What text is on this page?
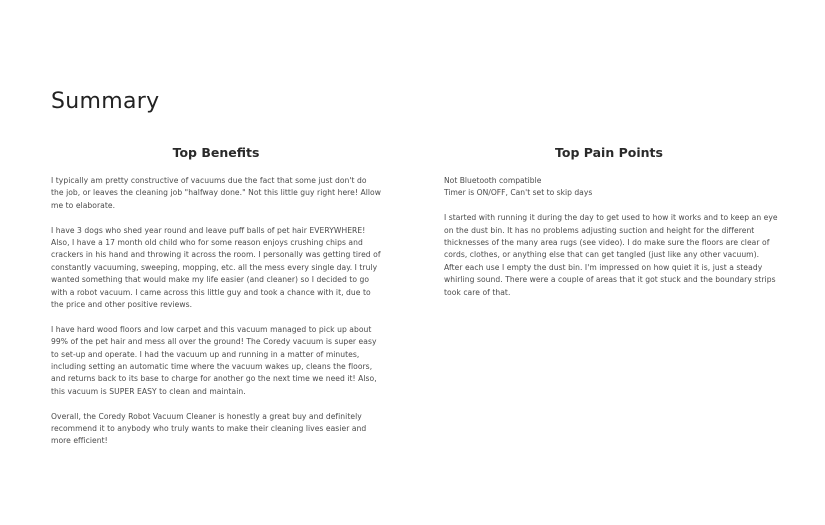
Summary
Top Benefits

I typically am pretty constructive of vacuums due the fact that some just don't do the job, or leaves the cleaning job "halfway done." Not this little guy right here! Allow me to elaborate.

I have 3 dogs who shed year round and leave puff balls of pet hair EVERYWHERE! Also, I have a 17 month old child who for some reason enjoys crushing chips and crackers in his hand and throwing it across the room. I personally was getting tired of constantly vacuuming, sweeping, mopping, etc. all the mess every single day. I truly wanted something that would make my life easier (and cleaner) so I decided to go with a robot vacuum. I came across this little guy and took a chance with it, due to the price and other positive reviews.

I have hard wood floors and low carpet and this vacuum managed to pick up about 99% of the pet hair and mess all over the ground! The Coredy vacuum is super easy to set-up and operate. I had the vacuum up and running in a matter of minutes, including setting an automatic time where the vacuum wakes up, cleans the floors, and returns back to its base to charge for another go the next time we need it! Also, this vacuum is SUPER EASY to clean and maintain.

Overall, the Coredy Robot Vacuum Cleaner is honestly a great buy and definitely recommend it to anybody who truly wants to make their cleaning lives easier and more efficient!

Top Pain Points
Not Bluetooth compatible
Timer is ON/OFF, Can't set to skip days

I started with running it during the day to get used to how it works and to keep an eye on the dust bin. It has no problems adjusting suction and height for the different thicknesses of the many area rugs (see video). I do make sure the floors are clear of cords, clothes, or anything else that can get tangled (just like any other vacuum). After each use I empty the dust bin. I'm impressed on how quiet it is, just a steady whirling sound. There were a couple of areas that it got stuck and the boundary strips took care of that.
